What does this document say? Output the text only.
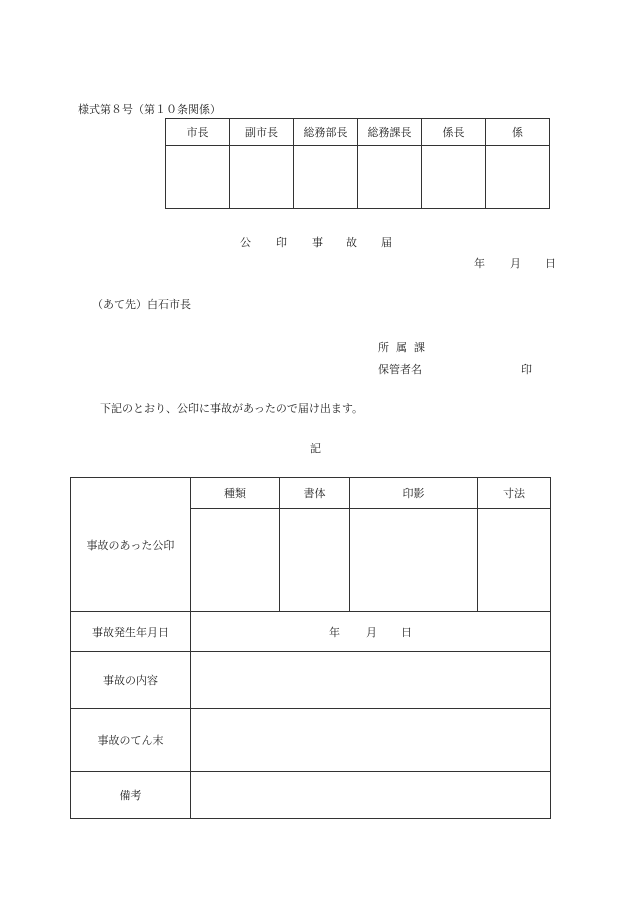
様式第８号（第１０条関係）
市長	副市長	総務部長	総務課長	係長	係

公 印 事 故 届
年 月 日
（あて先）白石市長
所 属 課
保管者名	印
下記のとおり、公印に事故があったので届け出ます。
記
事故のあった公印	種類	書体	印影	寸法

事故発生年月日	年 月 日			
事故の内容				
事故のてん末				
備考				
